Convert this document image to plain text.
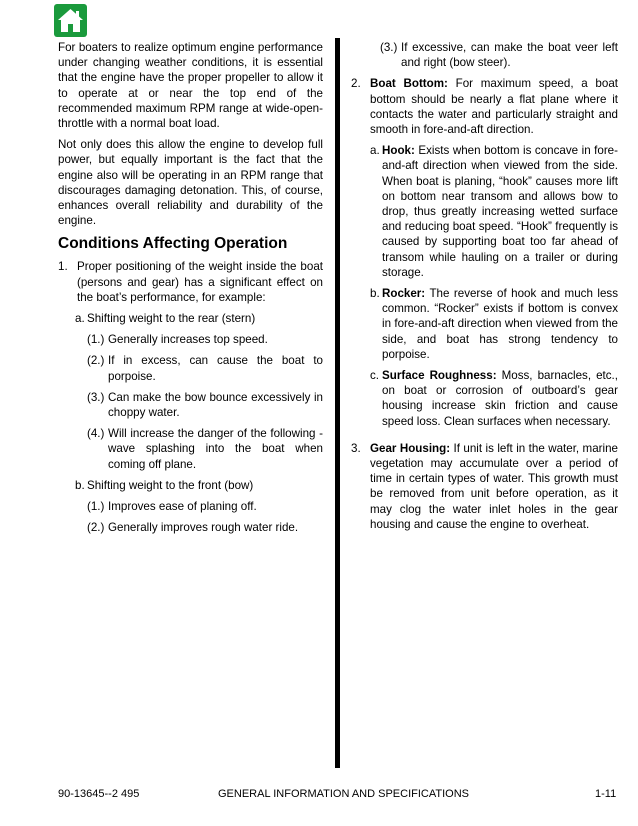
For boaters to realize optimum engine performance under changing weather conditions, it is essential that the engine have the proper propeller to allow it to operate at or near the top end of the recommended maximum RPM range at wide-open-throttle with a normal boat load.

Not only does this allow the engine to develop full power, but equally important is the fact that the engine also will be operating in an RPM range that discourages damaging detonation. This, of course, enhances overall reliability and durability of the engine.

Conditions Affecting Operation
1. Proper positioning of the weight inside the boat (persons and gear) has a significant effect on the boat’s performance, for example:

a. Shifting weight to the rear (stern)
(1.) Generally increases top speed.
(2.) If in excess, can cause the boat to porpoise.
(3.) Can make the bow bounce excessively in choppy water.
(4.) Will increase the danger of the following - wave splashing into the boat when coming off plane.
b. Shifting weight to the front (bow)
(1.) Improves ease of planing off.
(2.) Generally improves rough water ride.
(3.) If excessive, can make the boat veer left and right (bow steer).
2. Boat Bottom: For maximum speed, a boat bottom should be nearly a flat plane where it contacts the water and particularly straight and smooth in fore-and-aft direction.

a. Hook: Exists when bottom is concave in fore-and-aft direction when viewed from the side. When boat is planing, “hook” causes more lift on bottom near transom and allows bow to drop, thus greatly increasing wetted surface and reducing boat speed. “Hook” frequently is caused by supporting boat too far ahead of transom while hauling on a trailer or during storage.
b. Rocker: The reverse of hook and much less common. “Rocker” exists if bottom is convex in fore-and-aft direction when viewed from the side, and boat has strong tendency to porpoise.
c. Surface Roughness: Moss, barnacles, etc., on boat or corrosion of outboard’s gear housing increase skin friction and cause speed loss. Clean surfaces when necessary.
3. Gear Housing: If unit is left in the water, marine vegetation may accumulate over a period of time in certain types of water. This growth must be removed from unit before operation, as it may clog the water inlet holes in the gear housing and cause the engine to overheat.

90-13645--2 495	GENERAL INFORMATION AND SPECIFICATIONS	1-11
